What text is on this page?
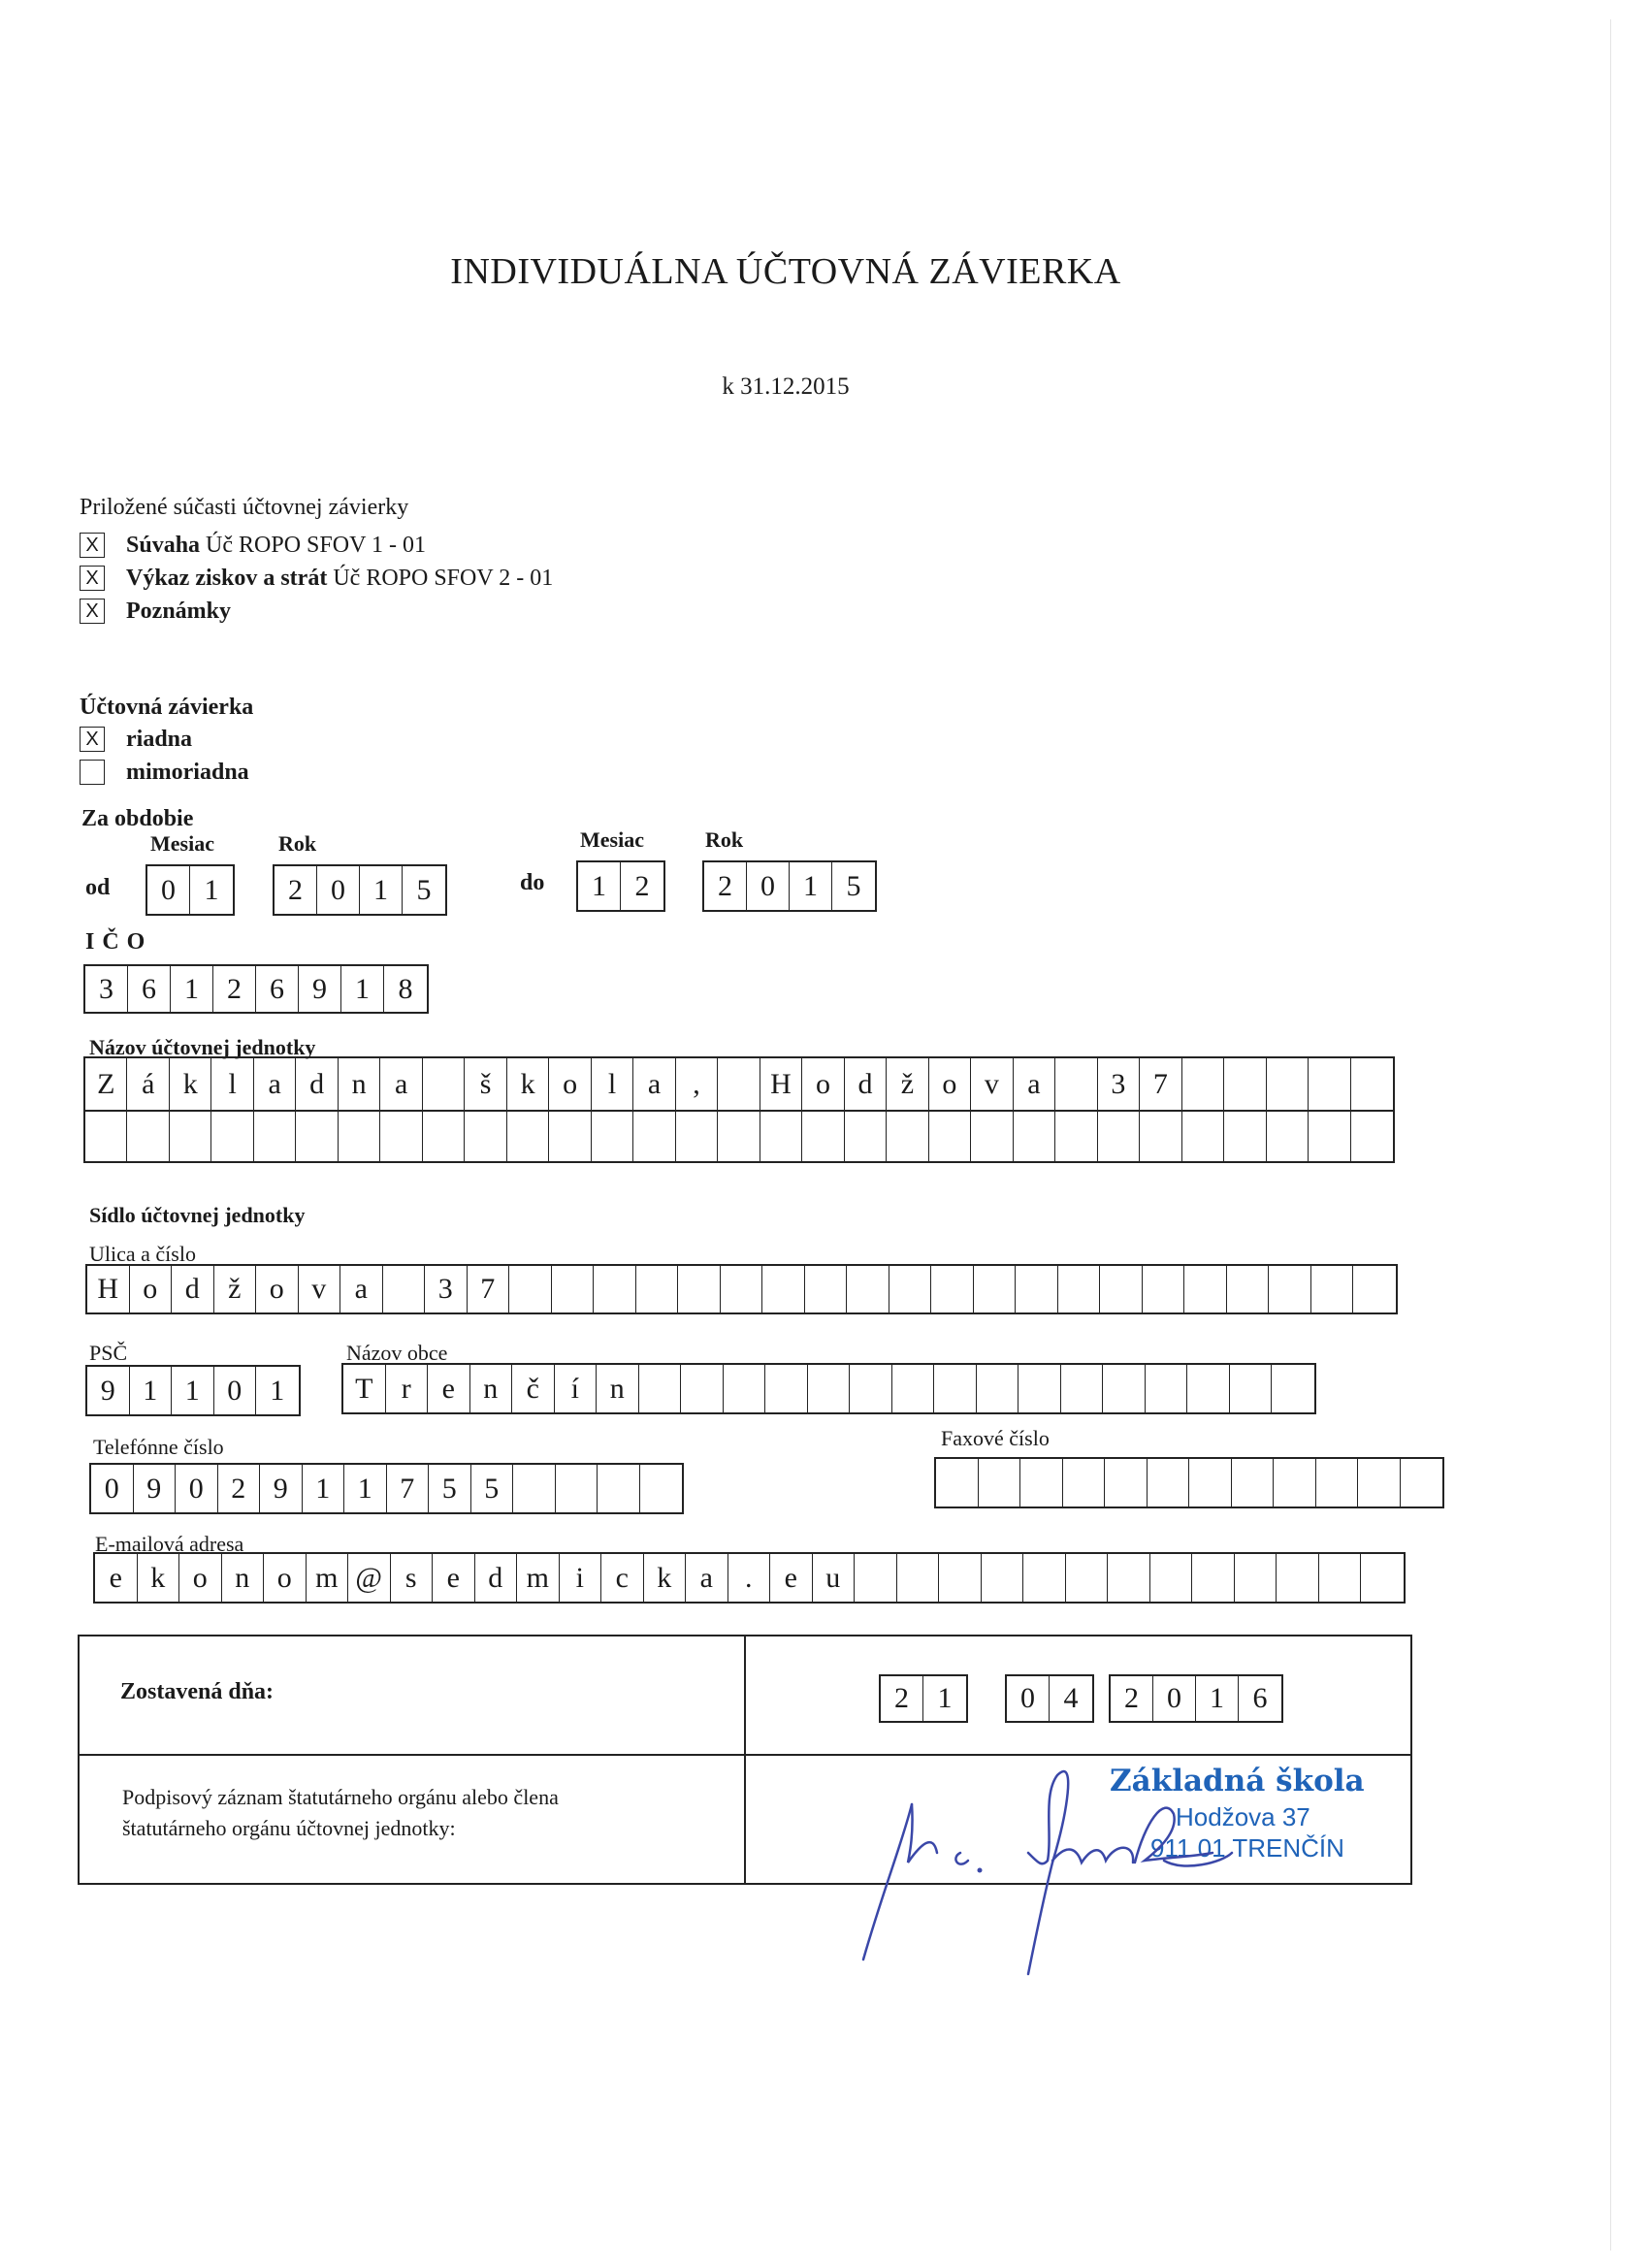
INDIVIDUÁLNA ÚČTOVNÁ ZÁVIERKA
k 31.12.2015
Priložené súčasti účtovnej závierky
X Súvaha
Úč ROPO SFOV 1 - 01
X Výkaz ziskov a strát
Úč ROPO SFOV 2 - 01
X Poznámky
Účtovná závierka
X riadna
mimoriadna
Za obdobie
Mesiac	Rok	Mesiac	Rok
od	do
0 1	2 0 1 5	1 2	2 0 1 5
I Č O
3 6 1 2 6 9 1 8
Názov účtovnej jednotky
Z á k	l	a d n a	š	k o	l	a	,	H o d ž o v a	3 7
Sídlo účtovnej jednotky
Ulica a číslo
H o d ž o v a	3 7
PSČ	Názov obce
9 1 1 0 1	T r	e n č	í	n
Telefónne číslo	Faxové číslo
0 9 0 2 9 1 1 7 5 5
E-mailová adresa
e k o n o m @ s	e d m i	c k a	.	e u
Zostavená dňa:
Podpisový záznam štatutárneho orgánu alebo člena
štatutárneho orgánu účtovnej jednotky:
2 1	0 4	2 0 1 6
Základná škola
Hodžova 37
911 01 TRENČÍN
